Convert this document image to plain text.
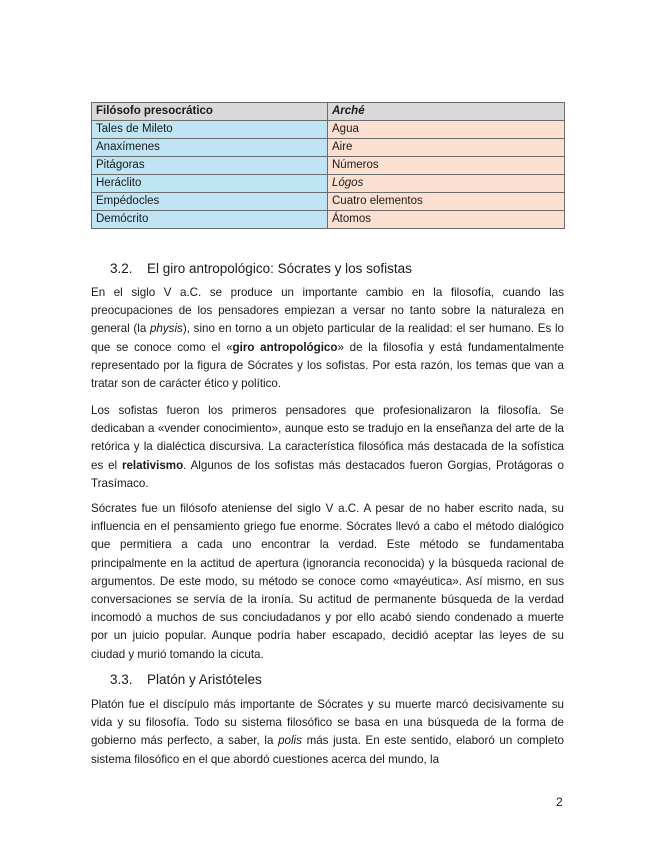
Filósofo presocrático	Arché
Tales de Mileto	Agua
Anaxímenes	Aire
Pitágoras	Números
Heráclito	Lógos
Empédocles	Cuatro elementos
Demócrito	Átomos
3.2. El giro antropológico: Sócrates y los sofistas

En el siglo V a.C. se produce un importante cambio en la filosofía, cuando las preocupaciones de los pensadores empiezan a versar no tanto sobre la naturaleza en general (la physis), sino en torno a un objeto particular de la realidad: el ser humano. Es lo que se conoce como el «giro antropológico» de la filosofía y está fundamentalmente representado por la figura de Sócrates y los sofistas. Por esta razón, los temas que van a tratar son de carácter ético y político.

Los sofistas fueron los primeros pensadores que profesionalizaron la filosofía. Se dedicaban a «vender conocimiento», aunque esto se tradujo en la enseñanza del arte de la retórica y la dialéctica discursiva. La característica filosófica más destacada de la sofística es el relativismo. Algunos de los sofistas más destacados fueron Gorgias, Protágoras o Trasímaco.

Sócrates fue un filósofo ateniense del siglo V a.C. A pesar de no haber escrito nada, su influencia en el pensamiento griego fue enorme. Sócrates llevó a cabo el método dialógico que permitiera a cada uno encontrar la verdad. Este método se fundamentaba principalmente en la actitud de apertura (ignorancia reconocida) y la búsqueda racional de argumentos. De este modo, su método se conoce como «mayéutica». Así mismo, en sus conversaciones se servía de la ironía. Su actitud de permanente búsqueda de la verdad incomodó a muchos de sus conciudadanos y por ello acabó siendo condenado a muerte por un juicio popular. Aunque podría haber escapado, decidió aceptar las leyes de su ciudad y murió tomando la cicuta.

3.3. Platón y Aristóteles

Platón fue el discípulo más importante de Sócrates y su muerte marcó decisivamente su vida y su filosofía. Todo su sistema filosófico se basa en una búsqueda de la forma de gobierno más perfecto, a saber, la polis más justa. En este sentido, elaboró un completo sistema filosófico en el que abordó cuestiones acerca del mundo, la

2
